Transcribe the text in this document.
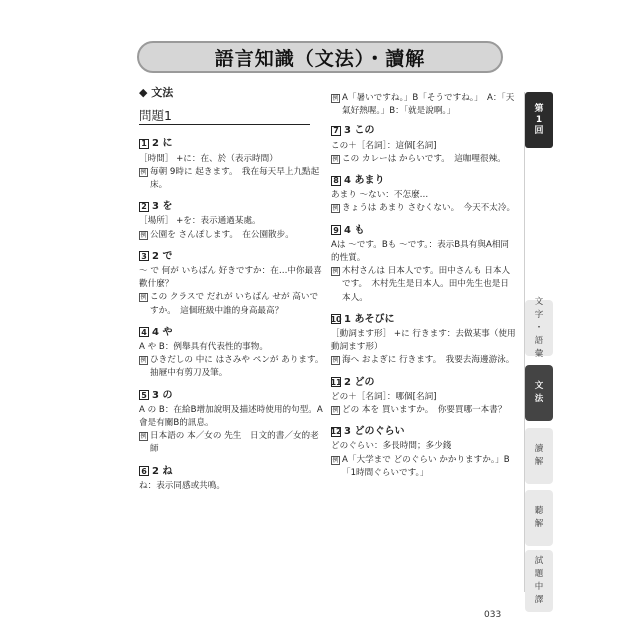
語言知識（文法）・讀解
◆ 文法
問題1
1 2 に
［時間］ +に：在、於（表示時間）
例 毎朝 9時に 起きます。　我在每天早上九點起床。
2 3 を
［場所］ +を：表示通過某處。
例 公園を さんぽします。　在公園散步。
3 2 で
～ で 何が いちばん 好きですか：在…中你最喜歡什麼？
例 この クラスで だれが いちばん せが 高いですか。　這個班級中誰的身高最高？
4 4 や
A や B：例舉具有代表性的事物。
例 ひきだしの 中に はさみや ペンが あります。　抽屜中有剪刀及筆。
5 3 の
A の B：在給B增加說明及描述時使用的句型。A會是有關B的訊息。
例 日本語の 本／女の 先生　日文的書／女的老師
6 2 ね
ね：表示同感或共鳴。
例 A「暑いですね。」B「そうですね。」　A：「天氣好熱喔。」B：「就是說啊。」
7 3 この
この＋［名詞］：這個[名詞]
例 この カレーは からいです。　這咖哩很辣。
8 4 あまり
あまり ～ない：不怎麼…
例 きょうは あまり さむくない。　今天不太冷。
9 4 も
Aは ～です。Bも ～です。：表示B具有與A相同的性質。
例 木村さんは 日本人です。田中さんも 日本人です。　木村先生是日本人。田中先生也是日本人。
10 1 あそびに
［動詞ます形］ +に 行きます：去做某事（使用動詞ます形）
例 海へ およぎに 行きます。　我要去海邊游泳。
11 2 どの
どの＋［名詞］：哪個[名詞]
例 どの 本を 買いますか。　你要買哪一本書？
12 3 どのぐらい
どのぐらい：多長時間；多少錢
例 A「大学まで どのぐらい かかりますか。」B「1時間ぐらいです。」
第
1
回
文
字
・
語
彙
文
法
讀
解
聽
解
試
題
中
譯
033
